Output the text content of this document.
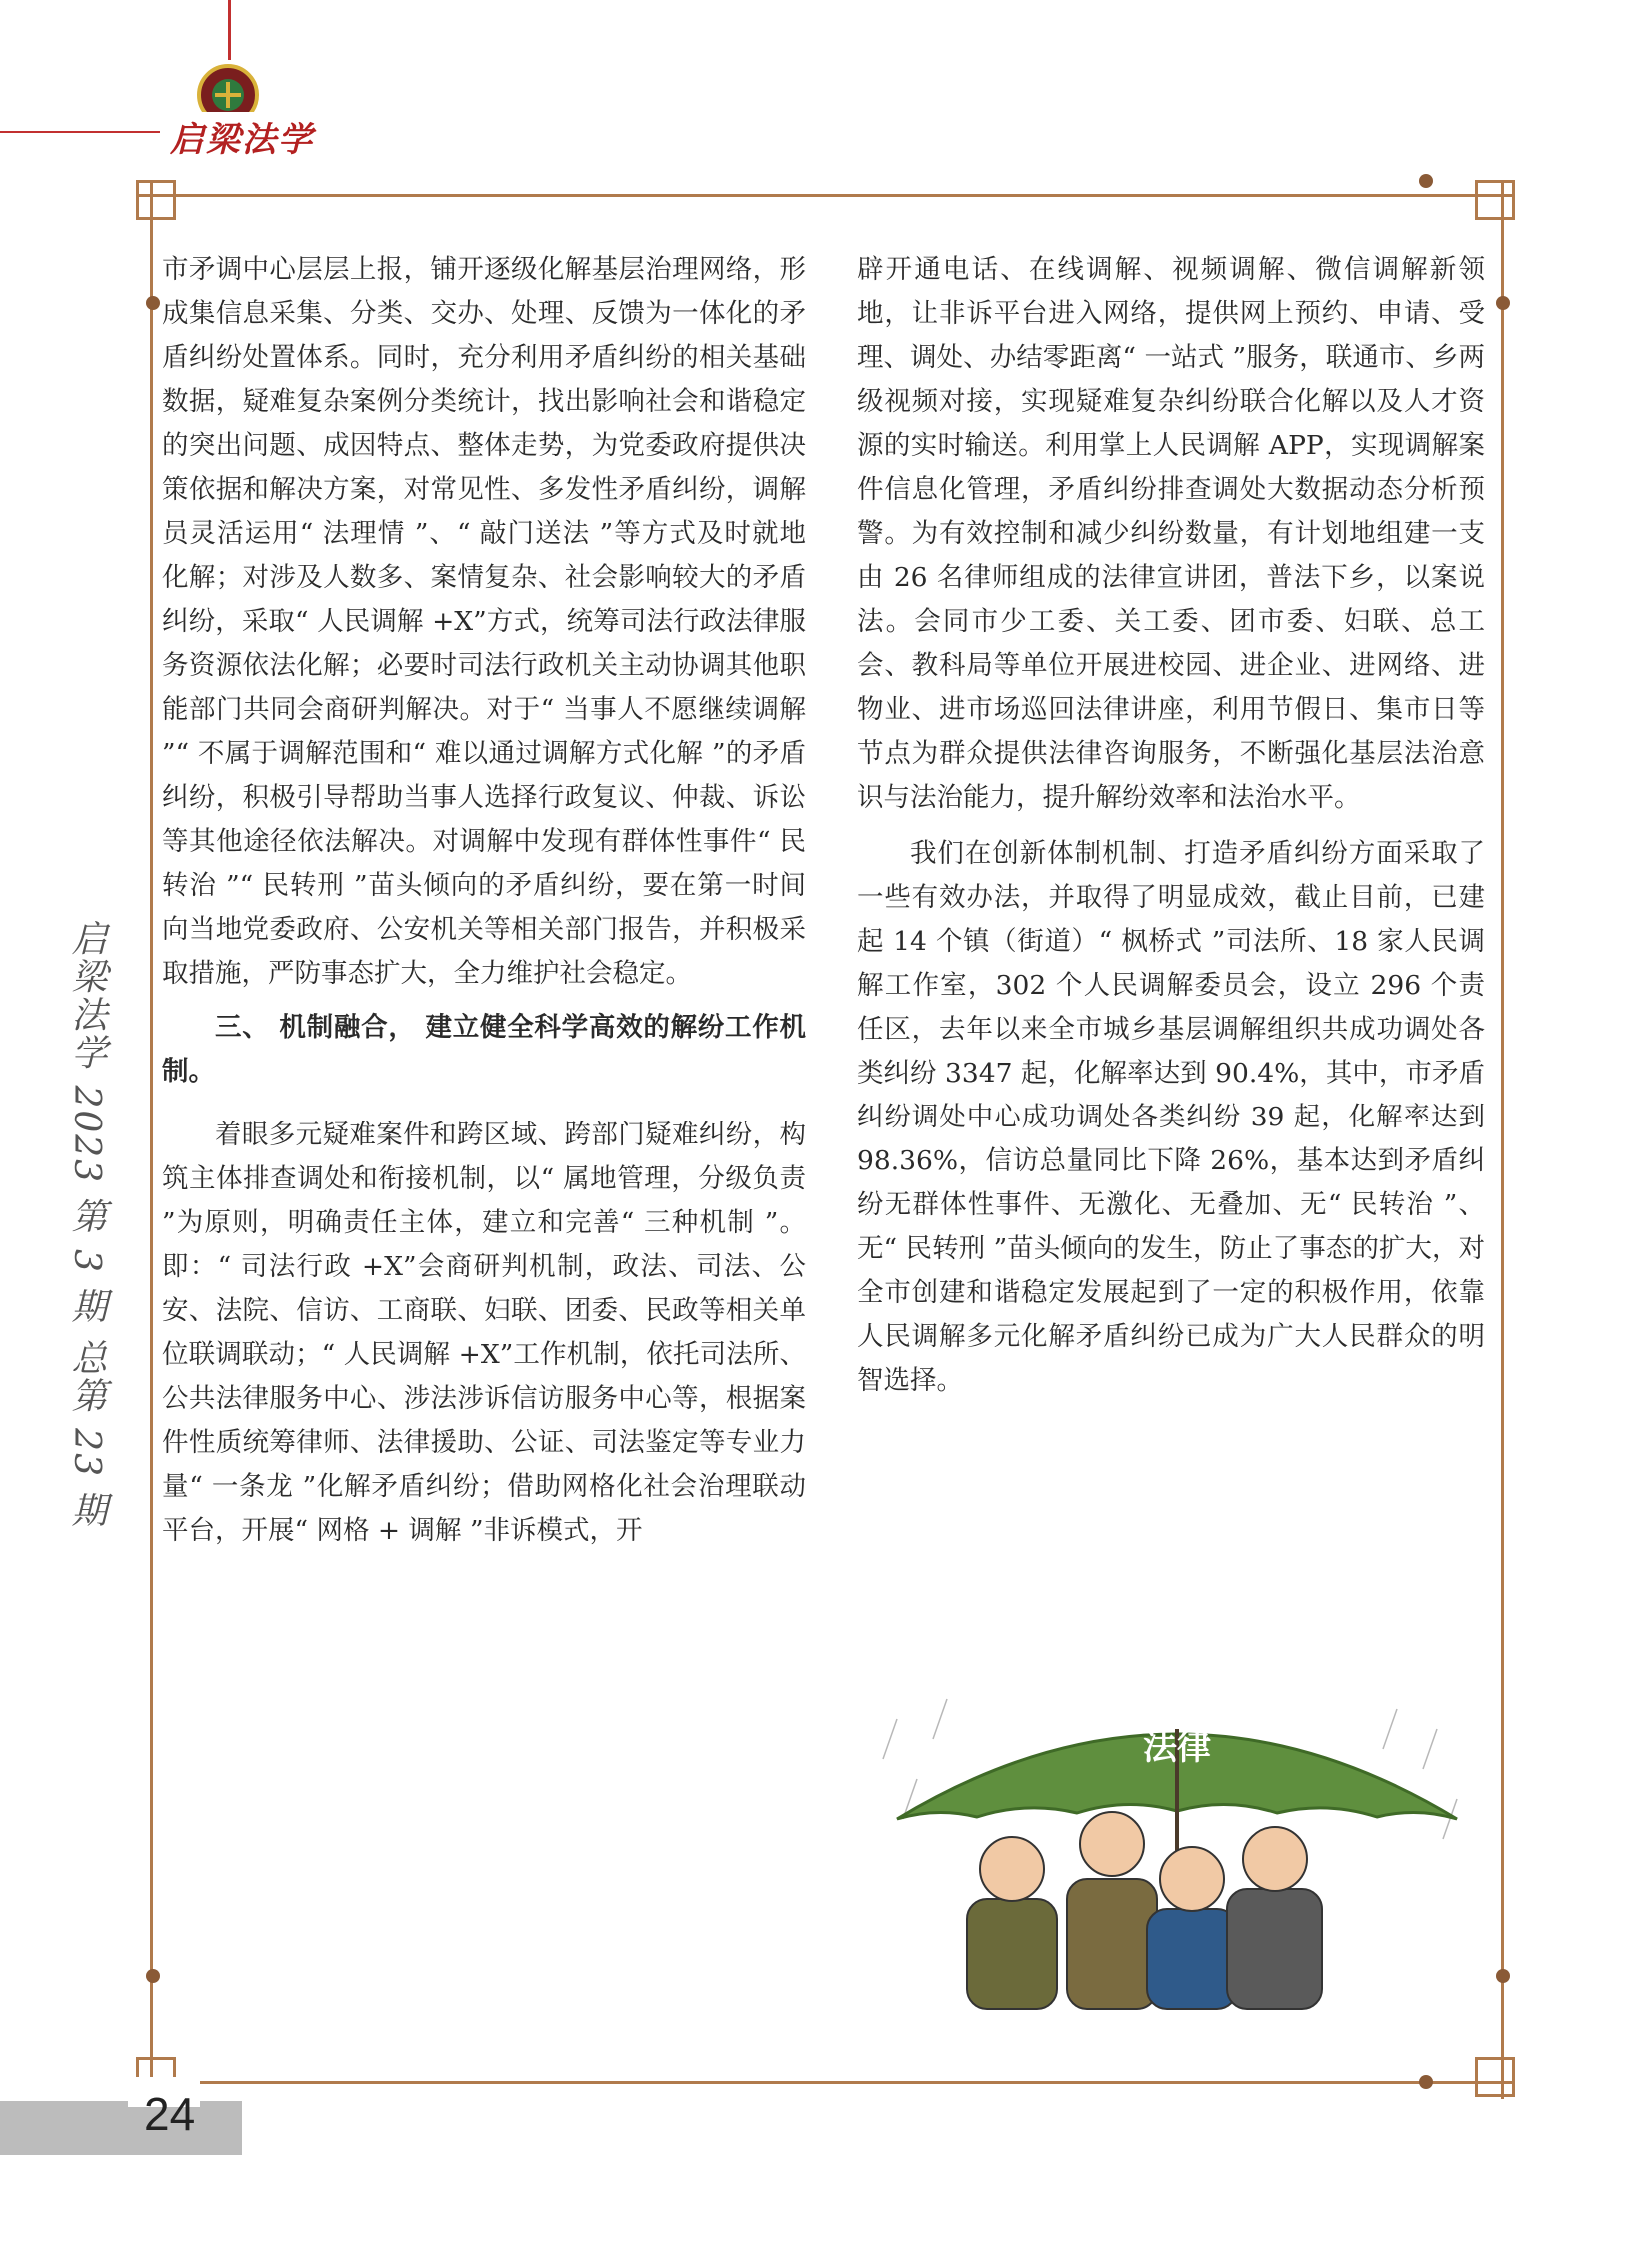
启梁法学
启梁法学 2023 第 3 期 总第 23 期

市矛调中心层层上报，铺开逐级化解基层治理网络，形成集信息采集、分类、交办、处理、反馈为一体化的矛盾纠纷处置体系。同时，充分利用矛盾纠纷的相关基础数据，疑难复杂案例分类统计，找出影响社会和谐稳定的突出问题、成因特点、整体走势，为党委政府提供决策依据和解决方案，对常见性、多发性矛盾纠纷，调解员灵活运用“ 法理情 ”、“ 敲门送法 ”等方式及时就地化解；对涉及人数多、案情复杂、社会影响较大的矛盾纠纷，采取“ 人民调解 +X”方式，统筹司法行政法律服务资源依法化解；必要时司法行政机关主动协调其他职能部门共同会商研判解决。对于“ 当事人不愿继续调解 ”“ 不属于调解范围和“ 难以通过调解方式化解 ”的矛盾纠纷，积极引导帮助当事人选择行政复议、仲裁、诉讼等其他途径依法解决。对调解中发现有群体性事件“ 民转治 ”“ 民转刑 ”苗头倾向的矛盾纠纷，要在第一时间向当地党委政府、公安机关等相关部门报告，并积极采取措施，严防事态扩大，全力维护社会稳定。

三、 机制融合， 建立健全科学高效的解纷工作机制。

着眼多元疑难案件和跨区域、跨部门疑难纠纷，构筑主体排查调处和衔接机制，以“ 属地管理，分级负责 ”为原则，明确责任主体，建立和完善“ 三种机制 ”。即：“ 司法行政 +X”会商研判机制，政法、司法、公安、法院、信访、工商联、妇联、团委、民政等相关单位联调联动；“ 人民调解 +X”工作机制，依托司法所、公共法律服务中心、涉法涉诉信访服务中心等，根据案件性质统筹律师、法律援助、公证、司法鉴定等专业力量“ 一条龙 ”化解矛盾纠纷；借助网格化社会治理联动平台，开展“ 网格 + 调解 ”非诉模式，开

辟开通电话、在线调解、视频调解、微信调解新领地，让非诉平台进入网络，提供网上预约、申请、受理、调处、办结零距离“ 一站式 ”服务，联通市、乡两级视频对接，实现疑难复杂纠纷联合化解以及人才资源的实时输送。利用掌上人民调解 APP，实现调解案件信息化管理，矛盾纠纷排查调处大数据动态分析预警。为有效控制和减少纠纷数量，有计划地组建一支由 26 名律师组成的法律宣讲团，普法下乡，以案说法。会同市少工委、关工委、团市委、妇联、总工会、教科局等单位开展进校园、进企业、进网络、进物业、进市场巡回法律讲座，利用节假日、集市日等节点为群众提供法律咨询服务，不断强化基层法治意识与法治能力，提升解纷效率和法治水平。

我们在创新体制机制、打造矛盾纠纷方面采取了一些有效办法，并取得了明显成效，截止目前，已建起 14 个镇（街道）“ 枫桥式 ”司法所、18 家人民调解工作室，302 个人民调解委员会，设立 296 个责任区，去年以来全市城乡基层调解组织共成功调处各类纠纷 3347 起，化解率达到 90.4%，其中，市矛盾纠纷调处中心成功调处各类纠纷 39 起，化解率达到 98.36%，信访总量同比下降 26%，基本达到矛盾纠纷无群体性事件、无激化、无叠加、无“ 民转治 ”、无“ 民转刑 ”苗头倾向的发生，防止了事态的扩大，对全市创建和谐稳定发展起到了一定的积极作用，依靠人民调解多元化解矛盾纠纷已成为广大人民群众的明智选择。

法律
24
